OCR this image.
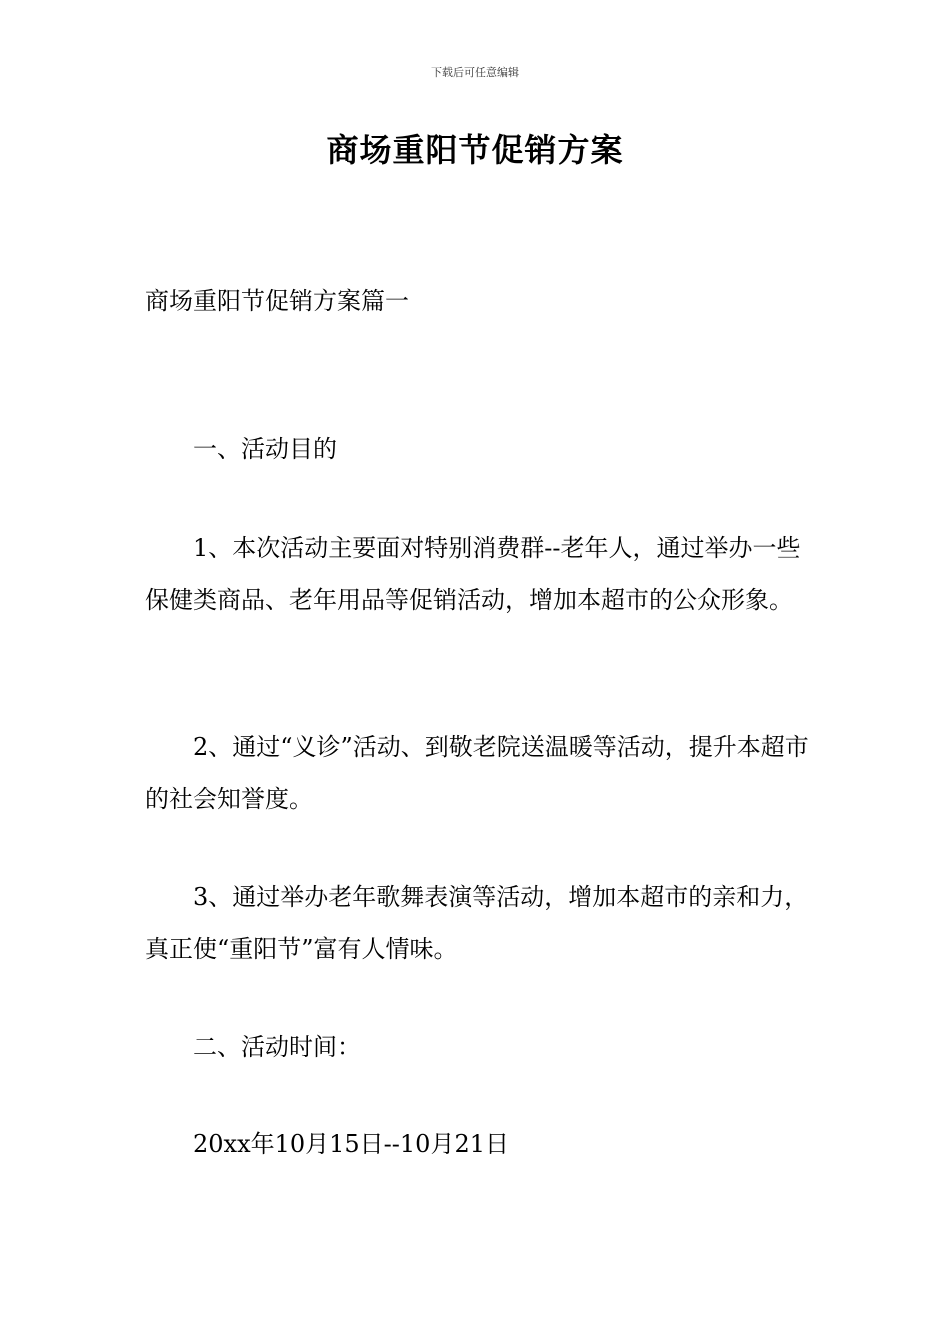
下载后可任意编辑
商场重阳节促销方案

商场重阳节促销方案篇一

一、活动目的

1、本次活动主要面对特别消费群--老年人，通过举办一些保健类商品、老年用品等促销活动，增加本超市的公众形象。

2、通过“义诊”活动、到敬老院送温暖等活动，提升本超市的社会知誉度。

3、通过举办老年歌舞表演等活动，增加本超市的亲和力，真正使“重阳节”富有人情味。

二、活动时间：

20xx年10月15日--10月21日
